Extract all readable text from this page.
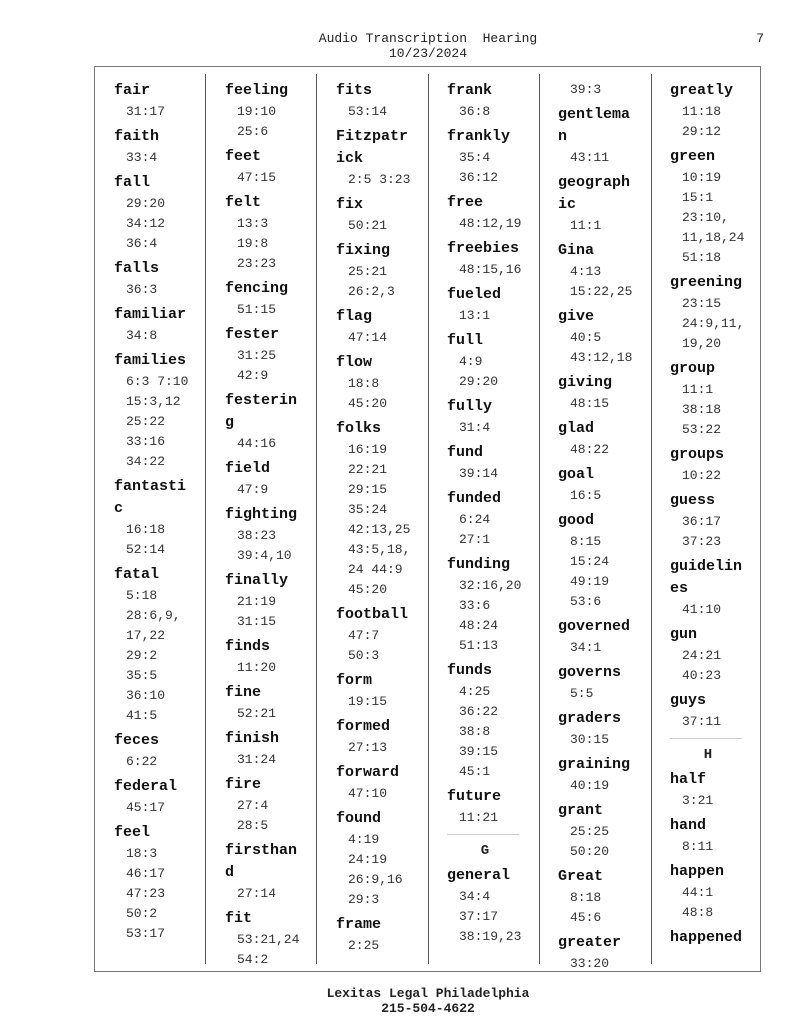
Audio Transcription  Hearing
10/23/2024
7
fair
31:17
faith
33:4
fall
29:20
34:12
36:4
falls
36:3
familiar
34:8
families
6:3 7:10
15:3,12
25:22
33:16
34:22
fantasti
c
16:18
52:14
fatal
5:18
28:6,9,
17,22
29:2
35:5
36:10
41:5
feces
6:22
federal
45:17
feel
18:3
46:17
47:23
50:2
53:17
feeling
19:10
25:6
feet
47:15
felt
13:3
19:8
23:23
fencing
51:15
fester
31:25
42:9
festerin
g
44:16
field
47:9
fighting
38:23
39:4,10
finally
21:19
31:15
finds
11:20
fine
52:21
finish
31:24
fire
27:4
28:5
firsthan
d
27:14
fit
53:21,24
54:2
fits
53:14
Fitzpatr
ick
2:5 3:23
fix
50:21
fixing
25:21
26:2,3
flag
47:14
flow
18:8
45:20
folks
16:19
22:21
29:15
35:24
42:13,25
43:5,18,
24 44:9
45:20
football
47:7
50:3
form
19:15
formed
27:13
forward
47:10
found
4:19
24:19
26:9,16
29:3
frame
2:25
frank
36:8
frankly
35:4
36:12
free
48:12,19
freebies
48:15,16
fueled
13:1
full
4:9
29:20
fully
31:4
fund
39:14
funded
6:24
27:1
funding
32:16,20
33:6
48:24
51:13
funds
4:25
36:22
38:8
39:15
45:1
future
11:21
G
general
34:4
37:17
38:19,23
39:3
gentlema
n
43:11
geograph
ic
11:1
Gina
4:13
15:22,25
give
40:5
43:12,18
giving
48:15
glad
48:22
goal
16:5
good
8:15
15:24
49:19
53:6
governed
34:1
governs
5:5
graders
30:15
graining
40:19
grant
25:25
50:20
Great
8:18
45:6
greater
33:20
greatly
11:18
29:12
green
10:19
15:1
23:10,
11,18,24
51:18
greening
23:15
24:9,11,
19,20
group
11:1
38:18
53:22
groups
10:22
guess
36:17
37:23
guidelin
es
41:10
gun
24:21
40:23
guys
37:11
H
half
3:21
hand
8:11
happen
44:1
48:8
happened
Lexitas Legal Philadelphia
215-504-4622
